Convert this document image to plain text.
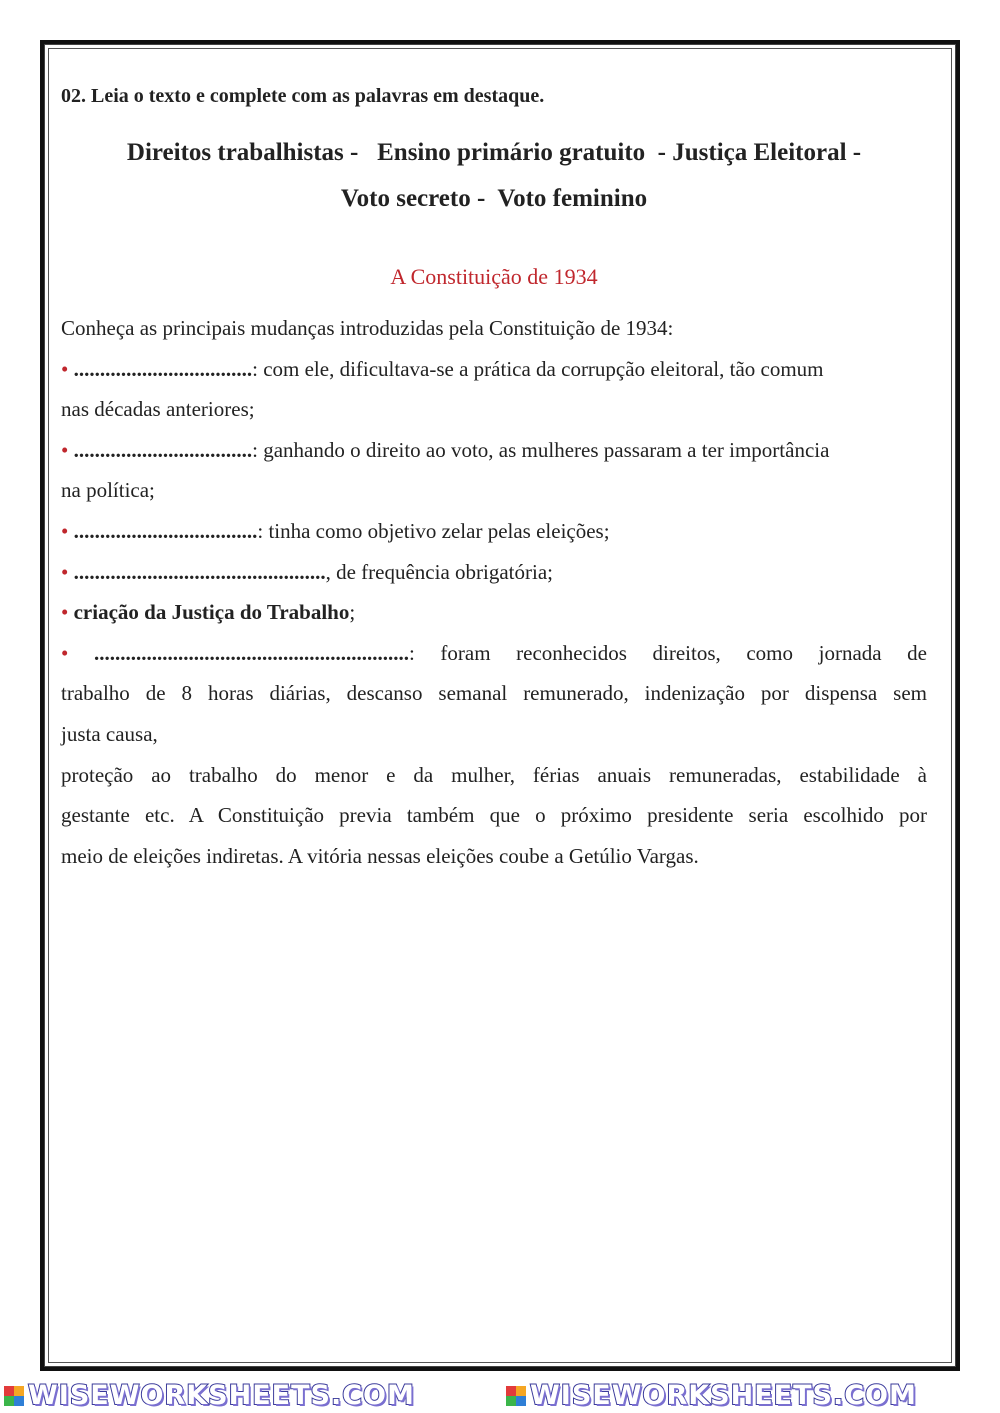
02. Leia o texto e complete com as palavras em destaque.

Direitos trabalhistas -   Ensino primário gratuito  - Justiça Eleitoral -
Voto secreto -  Voto feminino
A Constituição de 1934
Conheça as principais mudanças introduzidas pela Constituição de 1934:
• ..................................: com ele, dificultava-se a prática da corrupção eleitoral, tão comum
nas décadas anteriores;
• ..................................: ganhando o direito ao voto, as mulheres passaram a ter importância
na política;
• ...................................: tinha como objetivo zelar pelas eleições;
• ................................................, de frequência obrigatória;
• criação da Justiça do Trabalho;
• ............................................................: foram reconhecidos direitos, como jornada de
trabalho de 8 horas diárias, descanso semanal remunerado, indenização por dispensa sem
justa causa,
proteção ao trabalho do menor e da mulher, férias anuais remuneradas, estabilidade à
gestante etc. A Constituição previa também que o próximo presidente seria escolhido por
meio de eleições indiretas. A vitória nessas eleições coube a Getúlio Vargas.
WISEWORKSHEETS.COM	WISEWORKSHEETS.COM
